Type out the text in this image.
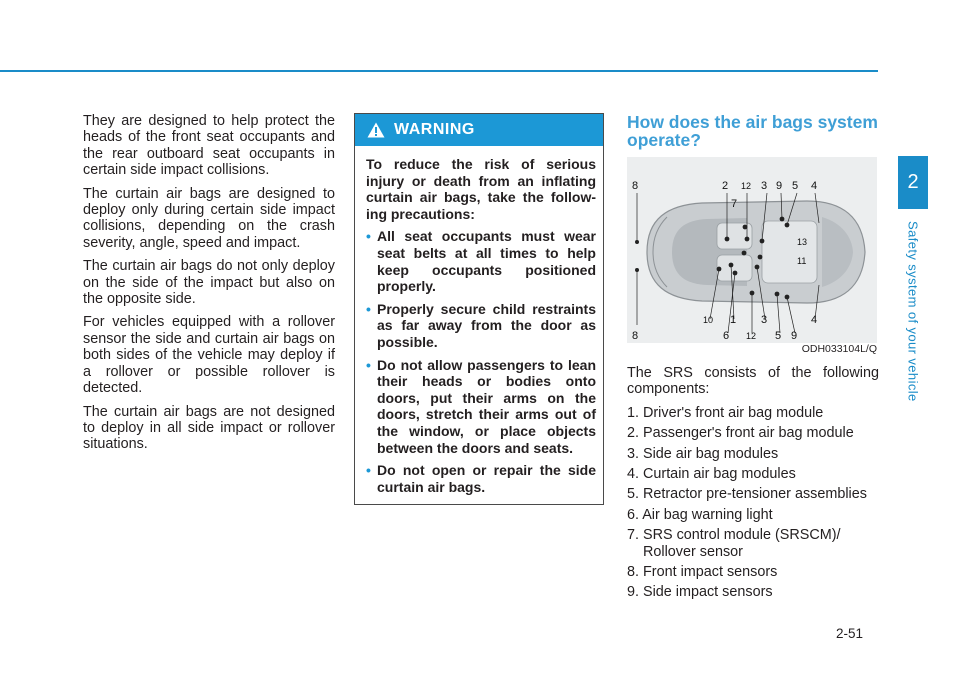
They are designed to help protect the heads of the front seat occupants and the rear outboard seat occupants in certain side impact collisions.

The curtain air bags are designed to deploy only during certain side impact collisions, depending on the crash severity, angle, speed and impact.

The curtain air bags do not only deploy on the side of the impact but also on the opposite side.

For vehicles equipped with a rollover sensor the side and curtain air bags on both sides of the vehicle may deploy if a rollover or possible rollover is detected.

The curtain air bags are not designed to deploy in all side impact or rollover situations.

WARNING

To reduce the risk of serious injury or death from an inflating curtain air bags, take the follow-ing precautions:

• All seat occupants must wear seat belts at all times to help keep occupants positioned properly.
• Properly secure child restraints as far away from the door as possible.
• Do not allow passengers to lean their heads or bodies onto doors, put their arms on the doors, stretch their arms out of the window, or place objects between the doors and seats.
• Do not open or repair the side curtain air bags.
How does the air bags system operate?
8	2 12 3 9 5 4
7
13
11
8
10 1 3	4
6 12 5 9
ODH033104L/Q

The SRS consists of the following components:

1. Driver's front air bag module
2. Passenger's front air bag module
3. Side air bag modules
4. Curtain air bag modules
5. Retractor pre-tensioner assemblies
6. Air bag warning light
7. SRS control module (SRSCM)/ Rollover sensor
8. Front impact sensors
9. Side impact sensors
2
Safety system of your vehicle
2-51
